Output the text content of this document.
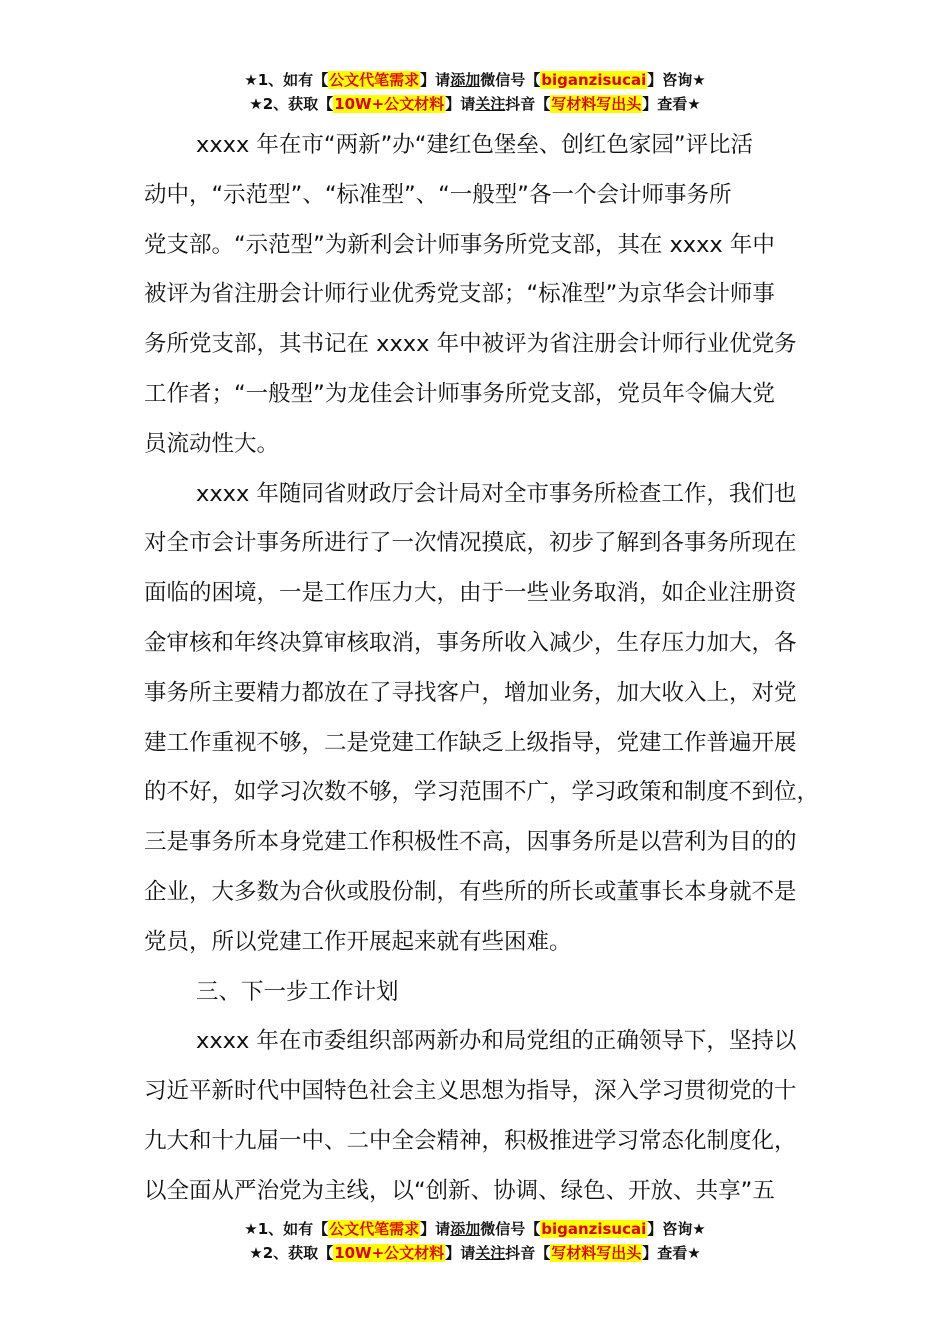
★1、如有【公文代笔需求】请添加微信号【biganzisucai】咨询★
★2、获取【10W+公文材料】请关注抖音【写材料写出头】查看★
xxxx 年在市“两新”办“建红色堡垒、创红色家园”评比活
动中，“示范型”、“标准型”、“一般型”各一个会计师事务所
党支部。“示范型”为新利会计师事务所党支部，其在 xxxx 年中
被评为省注册会计师行业优秀党支部；“标准型”为京华会计师事
务所党支部，其书记在 xxxx 年中被评为省注册会计师行业优党务
工作者；“一般型”为龙佳会计师事务所党支部，党员年令偏大党
员流动性大。
xxxx 年随同省财政厅会计局对全市事务所检查工作，我们也
对全市会计事务所进行了一次情况摸底，初步了解到各事务所现在
面临的困境，一是工作压力大，由于一些业务取消，如企业注册资
金审核和年终决算审核取消，事务所收入减少，生存压力加大，各
事务所主要精力都放在了寻找客户，增加业务，加大收入上，对党
建工作重视不够，二是党建工作缺乏上级指导，党建工作普遍开展
的不好，如学习次数不够，学习范围不广，学习政策和制度不到位，
三是事务所本身党建工作积极性不高，因事务所是以营利为目的的
企业，大多数为合伙或股份制，有些所的所长或董事长本身就不是
党员，所以党建工作开展起来就有些困难。
三、下一步工作计划
xxxx 年在市委组织部两新办和局党组的正确领导下，坚持以
习近平新时代中国特色社会主义思想为指导，深入学习贯彻党的十
九大和十九届一中、二中全会精神，积极推进学习常态化制度化，
以全面从严治党为主线，以“创新、协调、绿色、开放、共享”五
★1、如有【公文代笔需求】请添加微信号【biganzisucai】咨询★
★2、获取【10W+公文材料】请关注抖音【写材料写出头】查看★
